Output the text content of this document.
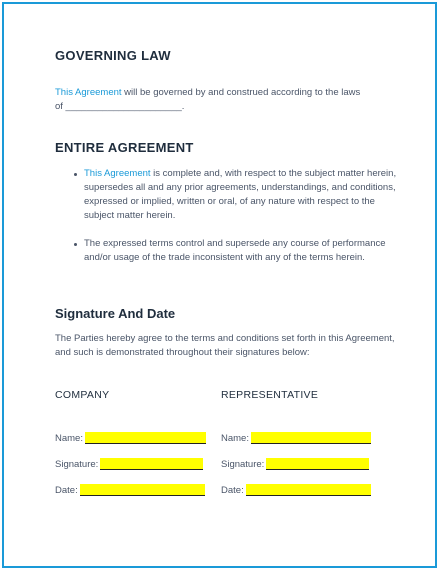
GOVERNING LAW

This Agreement will be governed by and construed according to the laws
of ______________________.

ENTIRE AGREEMENT
This Agreement is complete and, with respect to the subject matter herein, supersedes all and any prior agreements, understandings, and conditions, expressed or implied, written or oral, of any nature with respect to the subject matter herein.
The expressed terms control and supersede any course of performance and/or usage of the trade inconsistent with any of the terms herein.
Signature And Date

The Parties hereby agree to the terms and conditions set forth in this Agreement, and such is demonstrated throughout their signatures below:

COMPANY	REPRESENTATIVE
Name:
Signature:
Date:
Name:
Signature:
Date:
